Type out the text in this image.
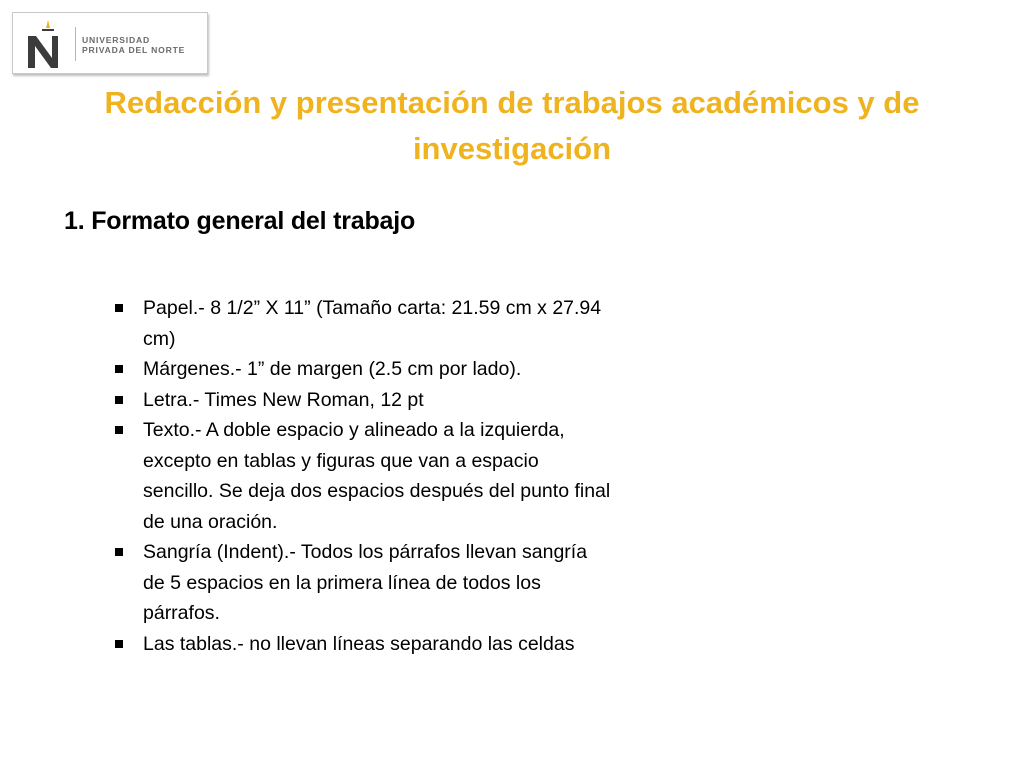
UNIVERSIDAD
PRIVADA DEL NORTE
Redacción y presentación de trabajos académicos y de investigación
1. Formato general del trabajo
Papel.- 8 1/2” X 11” (Tamaño carta: 21.59 cm x 27.94 cm)
Márgenes.- 1” de margen (2.5 cm por lado).
Letra.- Times New Roman, 12 pt
Texto.- A doble espacio y alineado a la izquierda, excepto en tablas y figuras que van a espacio sencillo. Se deja dos espacios después del punto final de una oración.
Sangría (Indent).- Todos los párrafos llevan sangría de 5 espacios en la primera línea de todos los párrafos.
Las tablas.- no llevan líneas separando las celdas
